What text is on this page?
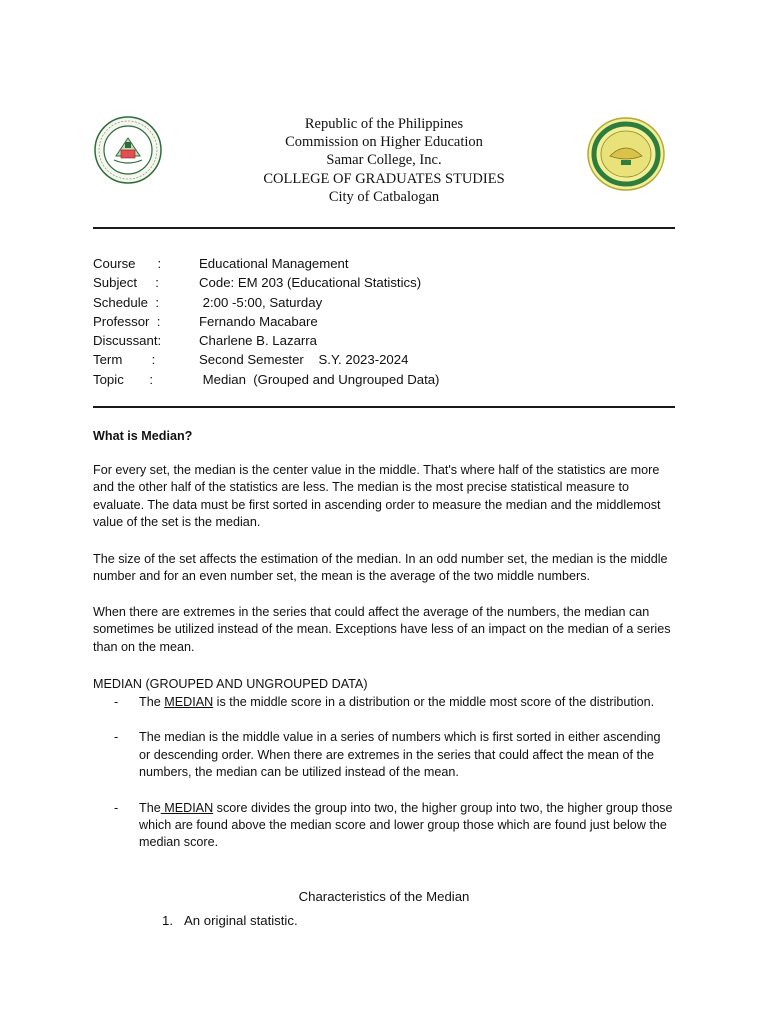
Republic of the Philippines
Commission on Higher Education
Samar College, Inc.
COLLEGE OF GRADUATES STUDIES
City of Catbalogan
Course      :	Educational Management
Subject     :	Code: EM 203 (Educational Statistics)
Schedule  :	2:00 -5:00, Saturday
Professor  :	Fernando Macabare
Discussant:	Charlene B. Lazarra
Term        :	Second Semester    S.Y. 2023-2024
Topic       :	Median  (Grouped and Ungrouped Data)
What is Median?
For every set, the median is the center value in the middle. That's where half of the statistics are more and the other half of the statistics are less. The median is the most precise statistical measure to evaluate. The data must be first sorted in ascending order to measure the median and the middlemost value of the set is the median.
The size of the set affects the estimation of the median. In an odd number set, the median is the middle number and for an even number set, the mean is the average of the two middle numbers.
When there are extremes in the series that could affect the average of the numbers, the median can sometimes be utilized instead of the mean. Exceptions have less of an impact on the median of a series than on the mean.
MEDIAN (GROUPED AND UNGROUPED DATA)

- The MEDIAN is the middle score in a distribution or the middle most score of the distribution.

- The median is the middle value in a series of numbers which is first sorted in either ascending or descending order. When there are extremes in the series that could affect the mean of the numbers, the median can be utilized instead of the mean.

- The MEDIAN score divides the group into two, the higher group into two, the higher group those which are found above the median score and lower group those which are found just below the median score.

Characteristics of the Median
1. An original statistic.
